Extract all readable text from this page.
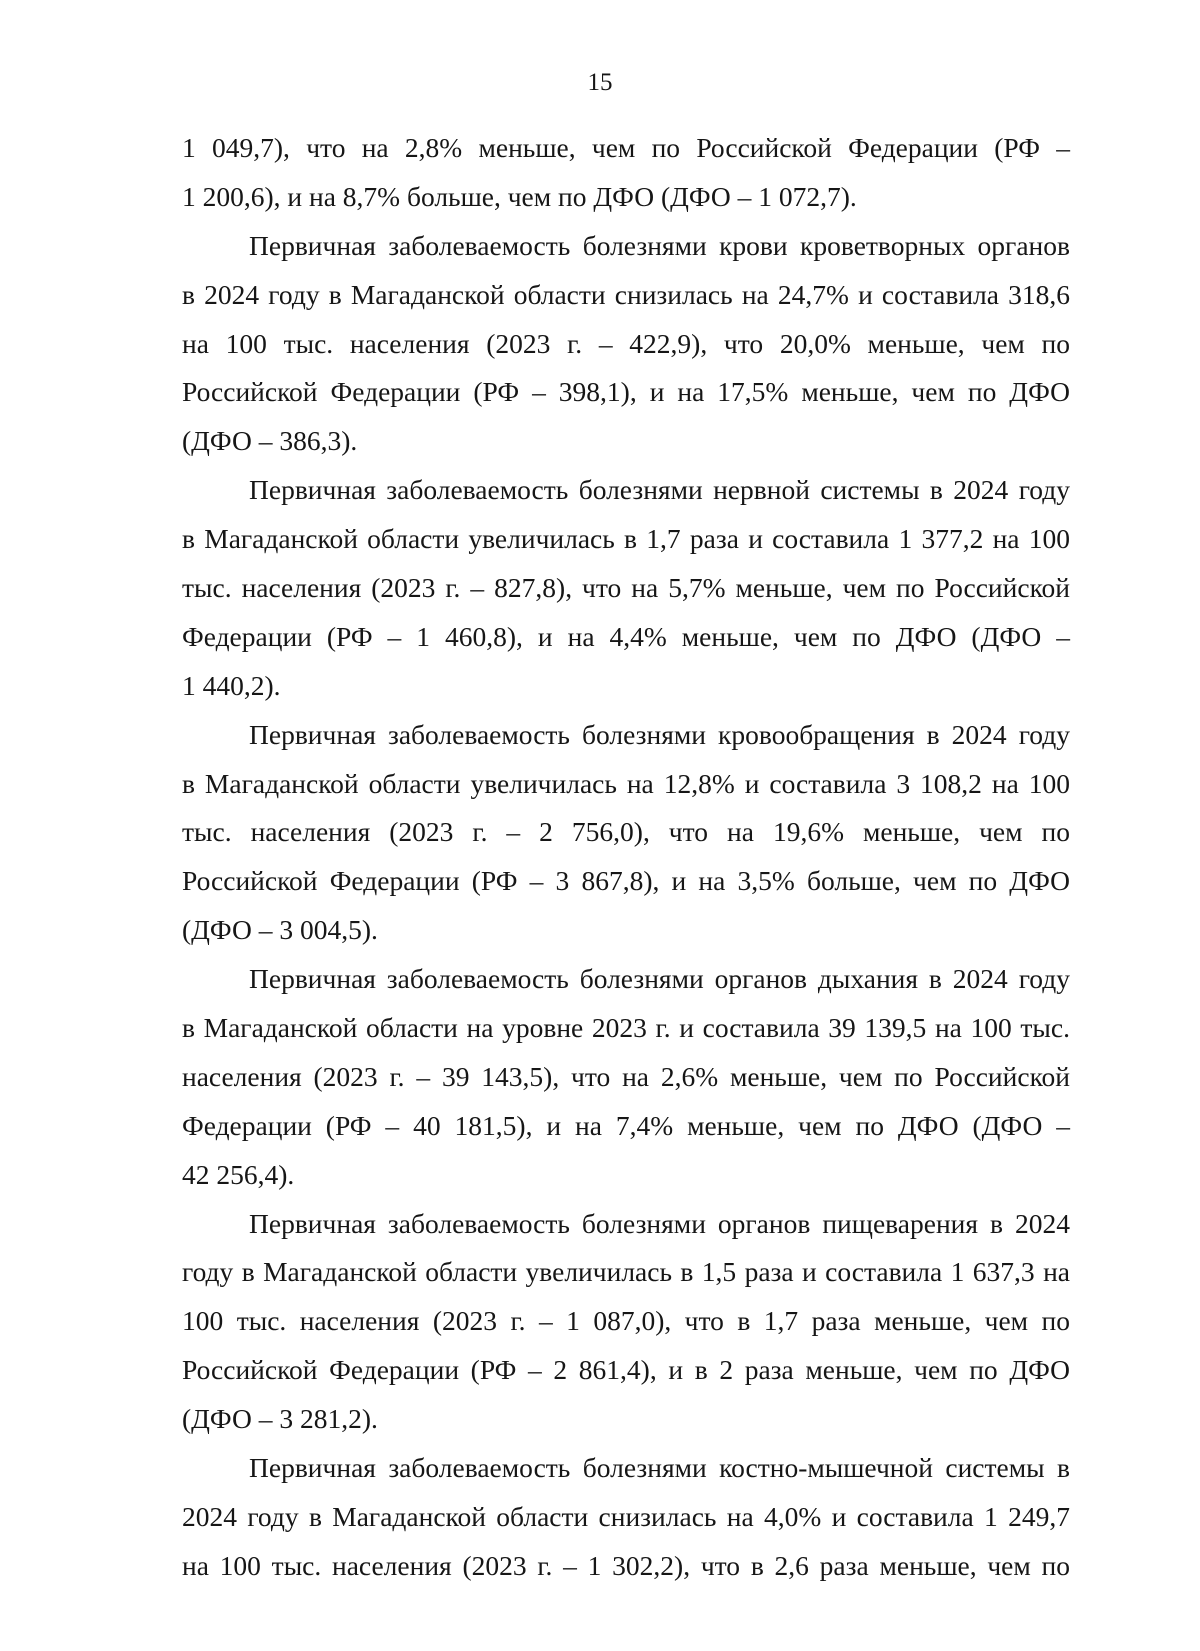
15
1 049,7), что на 2,8% меньше, чем по Российской Федерации (РФ –
1 200,6), и на 8,7% больше, чем по ДФО (ДФО – 1 072,7).
Первичная заболеваемость болезнями крови кроветворных органов
в 2024 году в Магаданской области снизилась на 24,7% и составила 318,6
на 100 тыс. населения (2023 г. – 422,9), что 20,0% меньше, чем по
Российской Федерации (РФ – 398,1), и на 17,5% меньше, чем по ДФО
(ДФО – 386,3).
Первичная заболеваемость болезнями нервной системы в 2024 году
в Магаданской области увеличилась в 1,7 раза и составила 1 377,2 на 100
тыс. населения (2023 г. – 827,8), что на 5,7% меньше, чем по Российской
Федерации (РФ – 1 460,8), и на 4,4% меньше, чем по ДФО (ДФО –
1 440,2).
Первичная заболеваемость болезнями кровообращения в 2024 году
в Магаданской области увеличилась на 12,8% и составила 3 108,2 на 100
тыс. населения (2023 г. – 2 756,0), что на 19,6% меньше, чем по
Российской Федерации (РФ – 3 867,8), и на 3,5% больше, чем по ДФО
(ДФО – 3 004,5).
Первичная заболеваемость болезнями органов дыхания в 2024 году
в Магаданской области на уровне 2023 г. и составила 39 139,5 на 100 тыс.
населения (2023 г. – 39 143,5), что на 2,6% меньше, чем по Российской
Федерации (РФ – 40 181,5), и на 7,4% меньше, чем по ДФО (ДФО –
42 256,4).
Первичная заболеваемость болезнями органов пищеварения в 2024
году в Магаданской области увеличилась в 1,5 раза и составила 1 637,3 на
100 тыс. населения (2023 г. – 1 087,0), что в 1,7 раза меньше, чем по
Российской Федерации (РФ – 2 861,4), и в 2 раза меньше, чем по ДФО
(ДФО – 3 281,2).
Первичная заболеваемость болезнями костно-мышечной системы в
2024 году в Магаданской области снизилась на 4,0% и составила 1 249,7
на 100 тыс. населения (2023 г. – 1 302,2), что в 2,6 раза меньше, чем по
